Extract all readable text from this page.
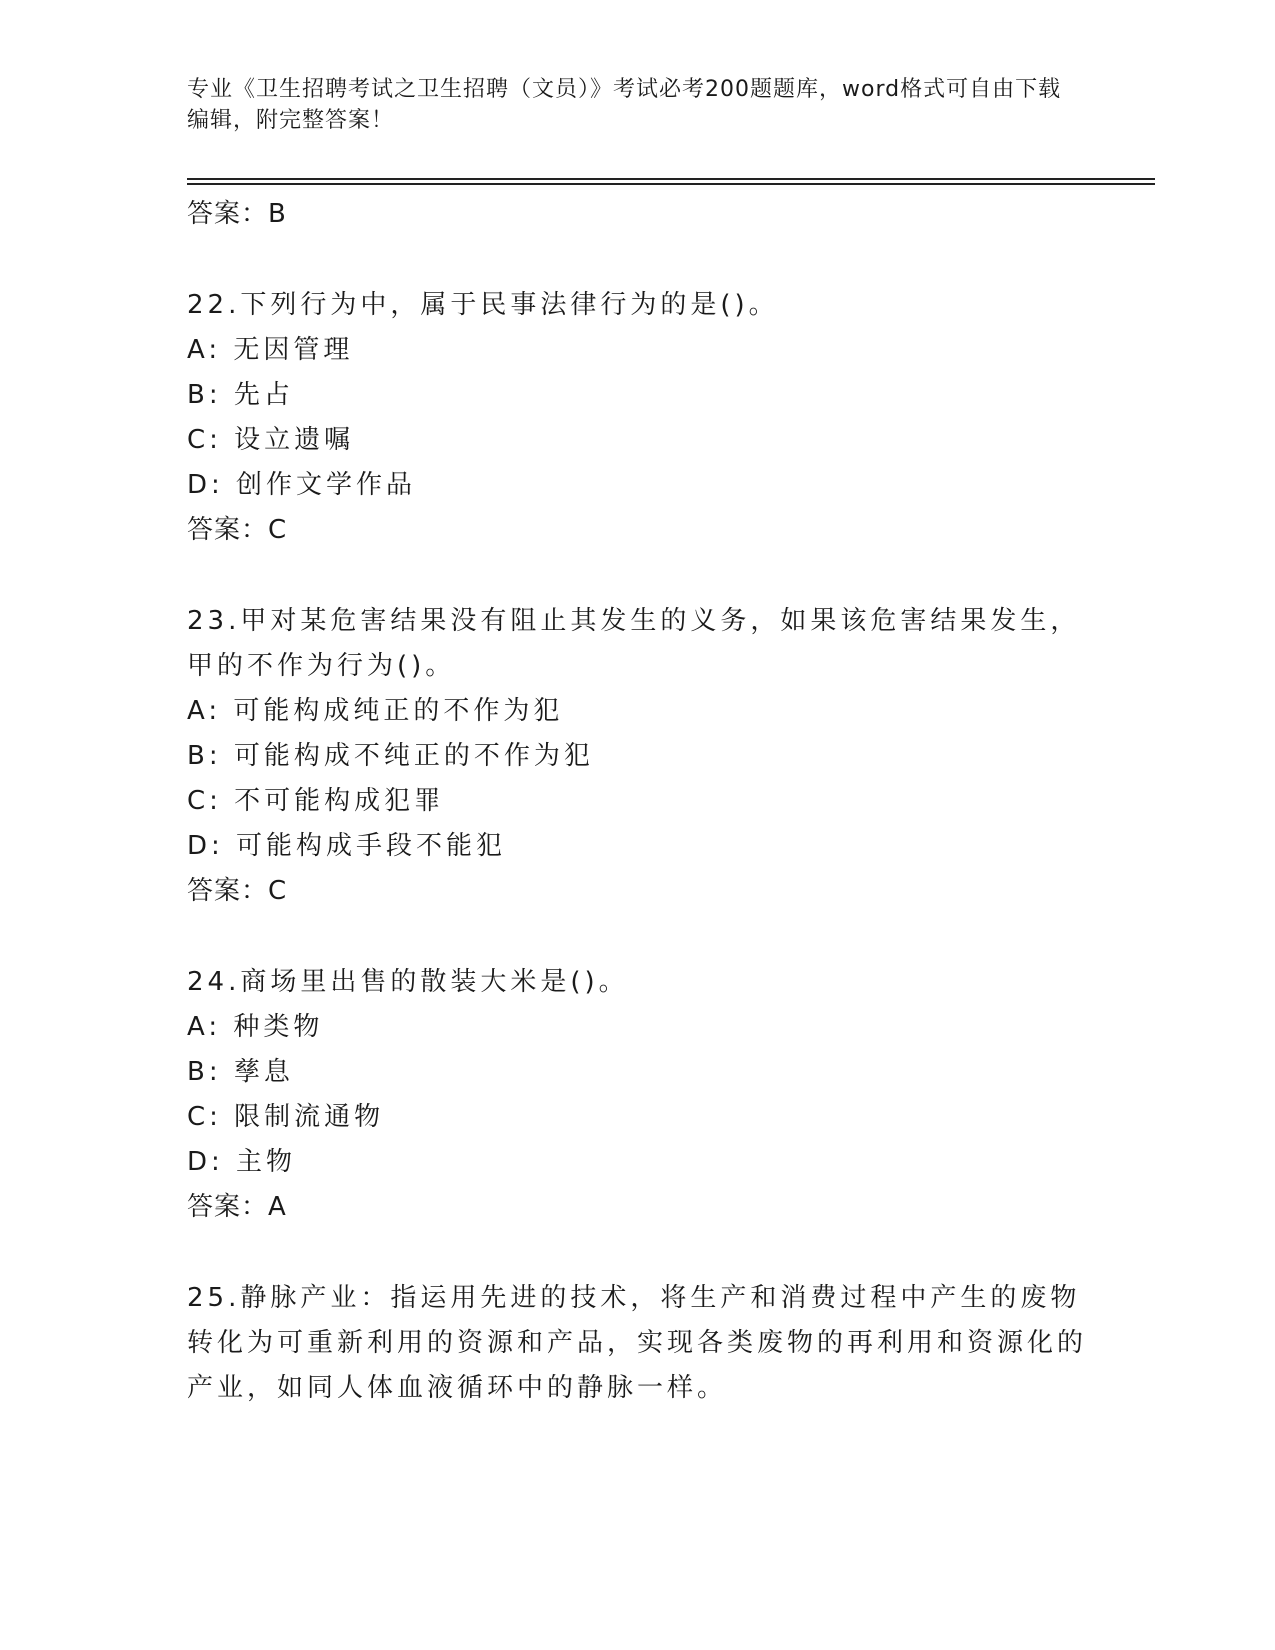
专业《卫生招聘考试之卫生招聘（文员）》考试必考200题题库，word格式可自由下载编辑，附完整答案！
答案：B
22.下列行为中，属于民事法律行为的是()。
A: 无因管理
B: 先占
C: 设立遗嘱
D: 创作文学作品
答案：C
23.甲对某危害结果没有阻止其发生的义务，如果该危害结果发生，甲的不作为行为()。
A: 可能构成纯正的不作为犯
B: 可能构成不纯正的不作为犯
C: 不可能构成犯罪
D: 可能构成手段不能犯
答案：C
24.商场里出售的散装大米是()。
A: 种类物
B: 孳息
C: 限制流通物
D: 主物
答案：A
25.静脉产业：指运用先进的技术，将生产和消费过程中产生的废物转化为可重新利用的资源和产品，实现各类废物的再利用和资源化的产业，如同人体血液循环中的静脉一样。
